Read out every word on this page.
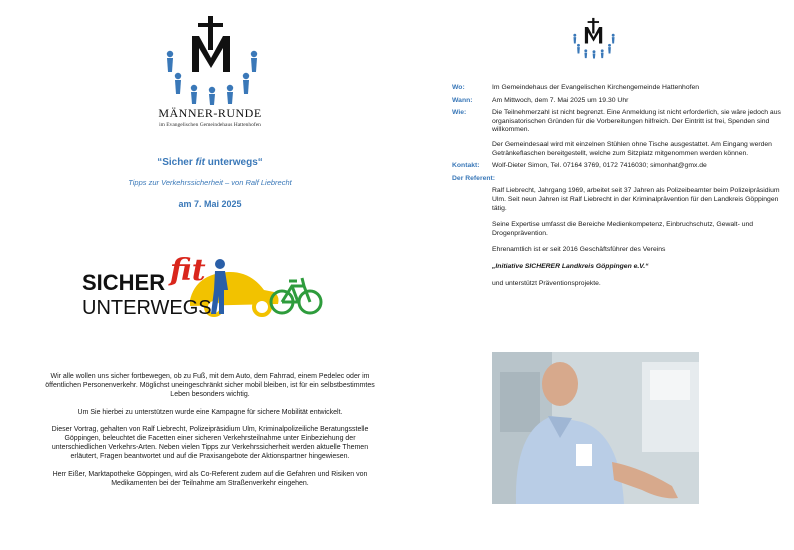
MÄNNER-RUNDE
im Evangelischen Gemeindehaus Hattenhofen
“Sicher fit unterwegs“
Tipps zur Verkehrssicherheit – von Ralf Liebrecht
am 7. Mai 2025
SICHER fit
UNTERWEGS

Wir alle wollen uns sicher fortbewegen, ob zu Fuß, mit dem Auto, dem Fahrrad, einem Pedelec oder im öffentlichen Personenverkehr. Möglichst uneingeschränkt sicher mobil bleiben, ist für ein selbstbestimmtes Leben besonders wichtig.

Um Sie hierbei zu unterstützen wurde eine Kampagne für sichere Mobilität entwickelt.

Dieser Vortrag, gehalten von Ralf Liebrecht, Polizeipräsidium Ulm, Kriminalpolizeiliche Beratungsstelle Göppingen, beleuchtet die Facetten einer sicheren Verkehrsteilnahme unter Einbeziehung der unterschiedlichen Verkehrs-Arten. Neben vielen Tipps zur Verkehrssicherheit werden aktuelle Themen erläutert, Fragen beantwortet und auf die Praxisangebote der Aktionspartner hingewiesen.

Herr Eißer, Marktapotheke Göppingen, wird als Co-Referent zudem auf die Gefahren und Risiken von Medikamenten bei der Teilnahme am Straßenverkehr eingehen.

Wo:	Im Gemeindehaus der Evangelischen Kirchengemeinde Hattenhofen
Wann:	Am Mittwoch, dem 7. Mai 2025 um 19.30 Uhr
Wie:	Die Teilnehmerzahl ist nicht begrenzt. Eine Anmeldung ist nicht erforderlich, sie wäre jedoch aus organisatorischen Gründen für die Vorbereitungen hilfreich. Der Eintritt ist frei, Spenden sind willkommen.

Der Gemeindesaal wird mit einzelnen Stühlen ohne Tische ausgestattet. Am Eingang werden Getränkeflaschen bereitgestellt, welche zum Sitzplatz mitgenommen werden können.

Kontakt:	Wolf-Dieter Simon, Tel. 07164 3769, 0172 7416030; simonhat@gmx.de
Der Referent:

Ralf Liebrecht, Jahrgang 1969, arbeitet seit 37 Jahren als Polizeibeamter beim Polizeipräsidium Ulm. Seit neun Jahren ist Ralf Liebrecht in der Kriminalprävention für den Landkreis Göppingen tätig.

Seine Expertise umfasst die Bereiche Medienkompetenz, Einbruchschutz, Gewalt- und Drogenprävention.

Ehrenamtlich ist er seit 2016 Geschäftsführer des Vereins

„Initiative SICHERER Landkreis Göppingen e.V.“

und unterstützt Präventionsprojekte.
